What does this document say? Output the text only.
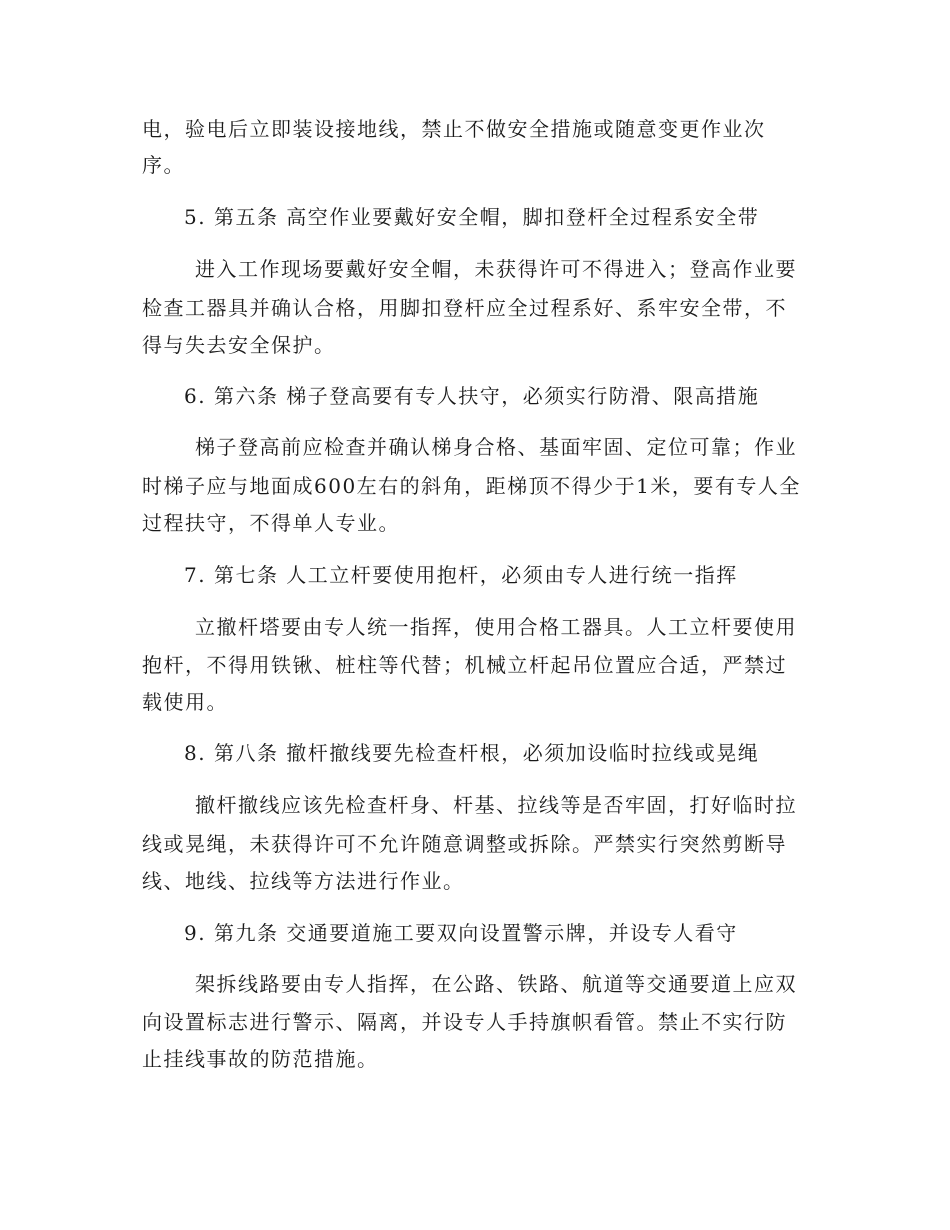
电，验电后立即装设接地线，禁止不做安全措施或随意变更作业次
序。
5. 第五条 高空作业要戴好安全帽，脚扣登杆全过程系安全带
进入工作现场要戴好安全帽，未获得许可不得进入；登高作业要
检查工器具并确认合格，用脚扣登杆应全过程系好、系牢安全带，不
得与失去安全保护。
6. 第六条 梯子登高要有专人扶守，必须实行防滑、限高措施
梯子登高前应检查并确认梯身合格、基面牢固、定位可靠；作业
时梯子应与地面成600左右的斜角，距梯顶不得少于1米，要有专人全
过程扶守，不得单人专业。
7. 第七条 人工立杆要使用抱杆，必须由专人进行统一指挥
立撤杆塔要由专人统一指挥，使用合格工器具。人工立杆要使用
抱杆，不得用铁锹、桩柱等代替；机械立杆起吊位置应合适，严禁过
载使用。
8. 第八条 撤杆撤线要先检查杆根，必须加设临时拉线或晃绳
撤杆撤线应该先检查杆身、杆基、拉线等是否牢固，打好临时拉
线或晃绳，未获得许可不允许随意调整或拆除。严禁实行突然剪断导
线、地线、拉线等方法进行作业。
9. 第九条 交通要道施工要双向设置警示牌，并设专人看守
架拆线路要由专人指挥，在公路、铁路、航道等交通要道上应双
向设置标志进行警示、隔离，并设专人手持旗帜看管。禁止不实行防
止挂线事故的防范措施。
